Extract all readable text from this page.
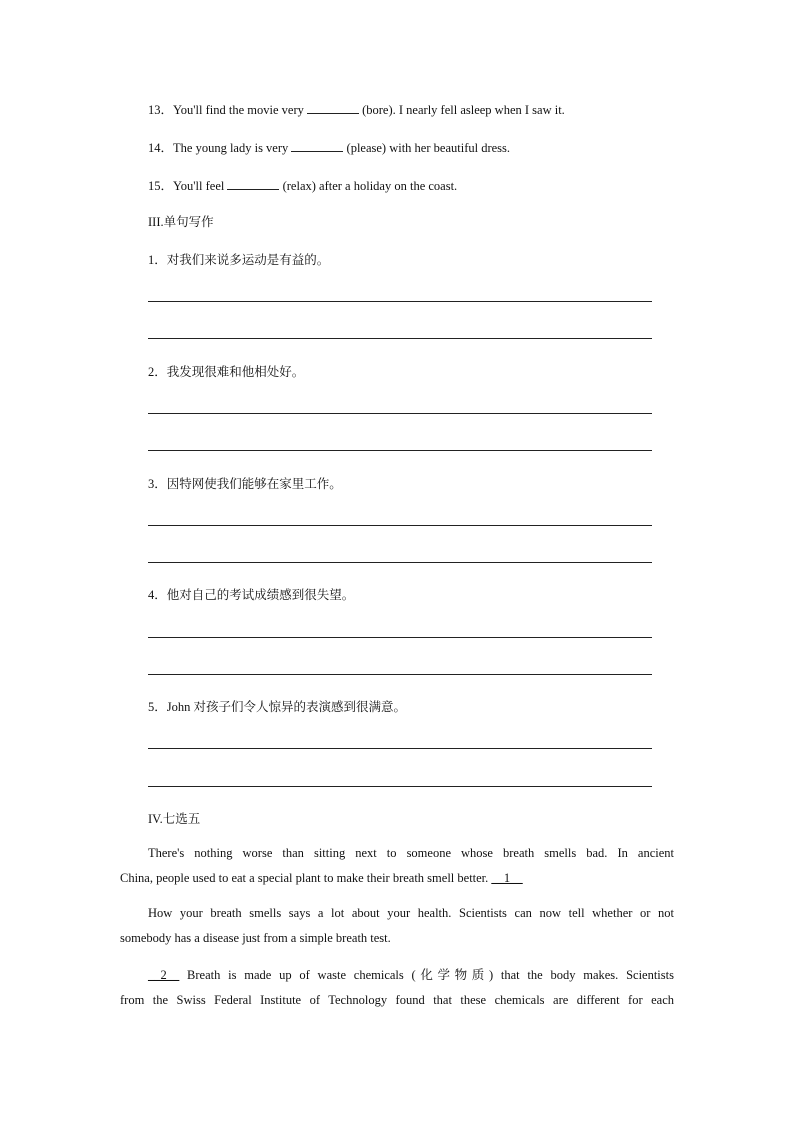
13．You'll find the movie very	(bore). I nearly fell asleep when I saw it.
14．The young lady is very	(please) with her beautiful dress.
15．You'll feel	(relax) after a holiday on the coast.
III.单句写作
1．对我们来说多运动是有益的。
2．我发现很难和他相处好。
3．因特网使我们能够在家里工作。
4．他对自己的考试成绩感到很失望。
5．John 对孩子们令人惊异的表演感到很满意。
IV.七选五
There's nothing worse than sitting next to someone whose breath smells bad. In ancient
China, people used to eat a special plant to make their breath smell better. __1__
How your breath smells says a lot about your health. Scientists can now tell whether or not
somebody has a disease just from a simple breath test.
__2__ Breath is made up of waste chemicals (化学物质) that the body makes. Scientists
from the Swiss Federal Institute of Technology found that these chemicals are different for each
